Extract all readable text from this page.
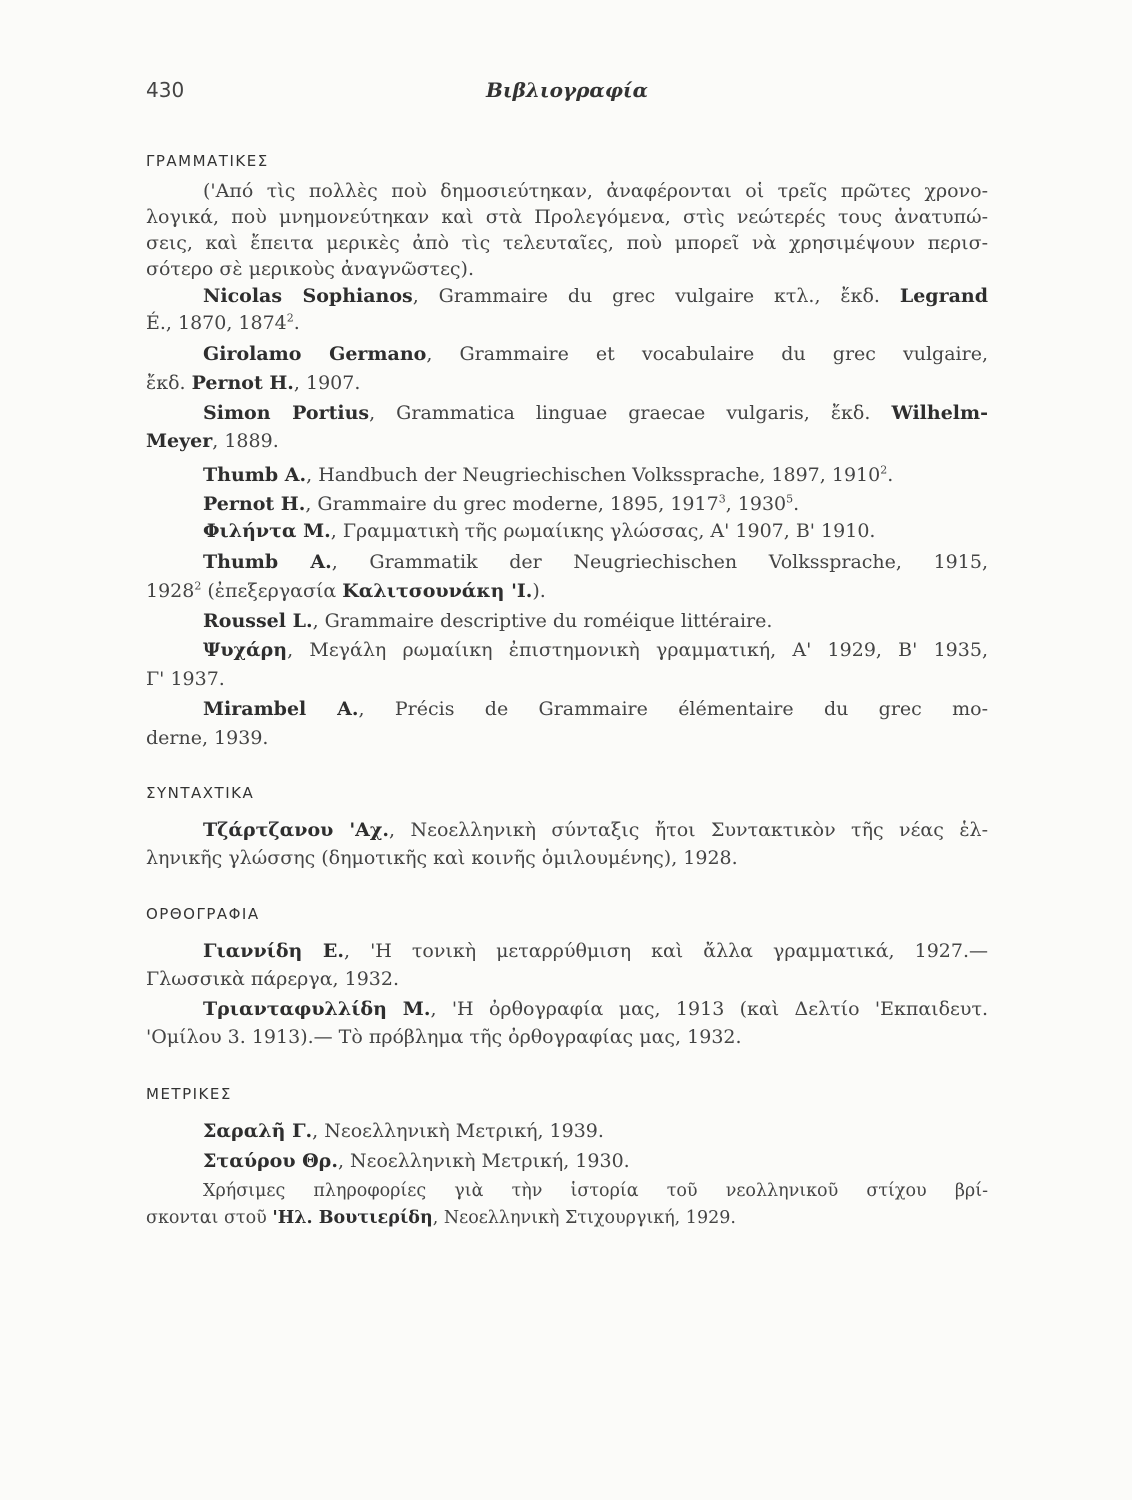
430	Βιβλιογραφία
ΓΡΑΜΜΑΤΙΚΕΣ
('Από τὶς πολλὲς ποὺ δημοσιεύτηκαν, ἀναφέρονται οἱ τρεῖς πρῶτες χρονο-
λογικά, ποὺ μνημονεύτηκαν καὶ στὰ Προλεγόμενα, στὶς νεώτερές τους ἀνατυπώ-
σεις, καὶ ἔπειτα μερικὲς ἀπὸ τὶς τελευταῖες, ποὺ μπορεῖ νὰ χρησιμέψουν περισ-
σότερο σὲ μερικοὺς ἀναγνῶστες).
Nicolas Sophianos, Grammaire du grec vulgaire κτλ., ἔκδ. Legrand
É., 1870, 1874$^2$.
Girolamo Germano, Grammaire et vocabulaire du grec vulgaire,
ἔκδ. Pernot H., 1907.
Simon Portius, Grammatica linguae graecae vulgaris, ἔκδ. Wilhelm-
Meyer, 1889.
Thumb A., Handbuch der Neugriechischen Volkssprache, 1897, 1910$^2$.
Pernot H., Grammaire du grec moderne, 1895, 1917$^3$, 1930$^5$.
Φιλήντα Μ., Γραμματικὴ τῆς ρωμαίικης γλώσσας, Α' 1907, Β' 1910.
Thumb A., Grammatik der Neugriechischen Volkssprache, 1915,
1928$^2$ (ἐπεξεργασία Καλιτσουνάκη 'Ι.).
Roussel L., Grammaire descriptive du roméique littéraire.
Ψυχάρη, Μεγάλη ρωμαίικη ἐπιστημονικὴ γραμματική, Α' 1929, Β' 1935,
Γ' 1937.
Mirambel A., Précis de Grammaire élémentaire du grec mo-
derne, 1939.
ΣΥΝΤΑΧΤΙΚΑ
Τζάρτζανου 'Αχ., Νεοελληνικὴ σύνταξις ἤτοι Συντακτικὸν τῆς νέας ἑλ-
ληνικῆς γλώσσης (δημοτικῆς καὶ κοινῆς ὁμιλουμένης), 1928.
ΟΡΘΟΓΡΑΦΙΑ
Γιαννίδη Ε., 'Η τονικὴ μεταρρύθμιση καὶ ἄλλα γραμματικά, 1927.—
Γλωσσικὰ πάρεργα, 1932.
Τριανταφυλλίδη Μ., 'Η ὀρθογραφία μας, 1913 (καὶ Δελτίο 'Εκπαιδευτ.
'Ομίλου 3. 1913).— Τὸ πρόβλημα τῆς ὀρθογραφίας μας, 1932.
ΜΕΤΡΙΚΕΣ
Σαραλῆ Γ., Νεοελληνικὴ Μετρική, 1939.
Σταύρου Θρ., Νεοελληνικὴ Μετρική, 1930.
Χρήσιμες πληροφορίες γιὰ τὴν ἱστορία τοῦ νεολληνικοῦ στίχου βρί-
σκονται στοῦ 'Ηλ. Βουτιερίδη, Νεοελληνικὴ Στιχουργική, 1929.
